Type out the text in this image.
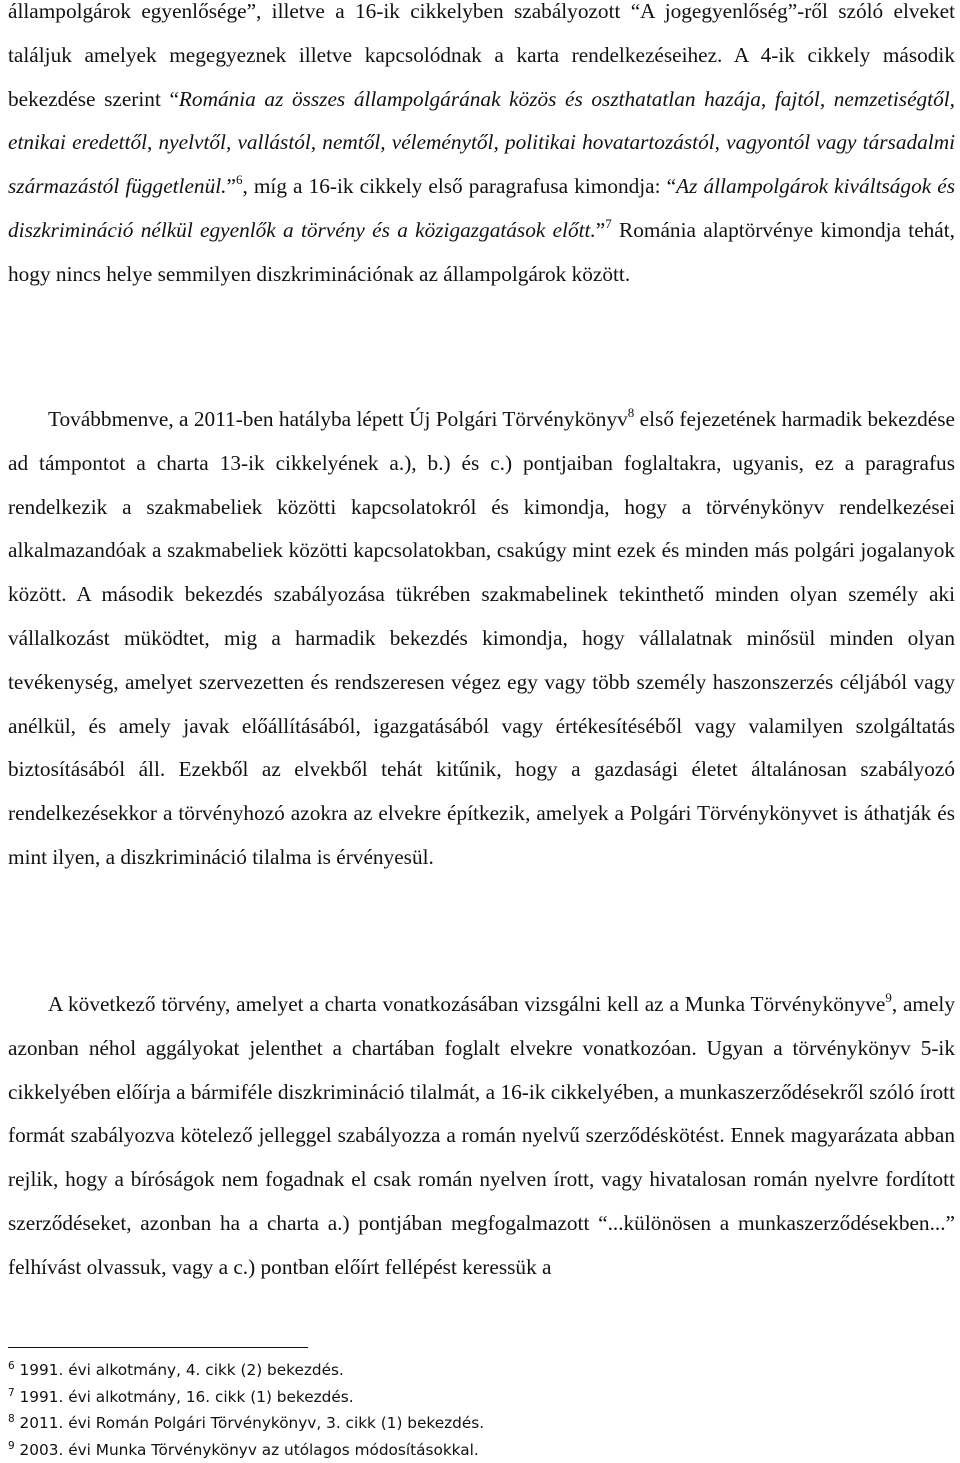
állampolgárok egyenlősége”, illetve a 16-ik cikkelyben szabályozott “A jogegyenlőség”-ről szóló elveket találjuk amelyek megegyeznek illetve kapcsolódnak a karta rendelkezéseihez. A 4-ik cikkely második bekezdése szerint “Románia az összes állampolgárának közös és oszthatatlan hazája, fajtól, nemzetiségtől, etnikai eredettől, nyelvtől, vallástól, nemtől, véleménytől, politikai hovatartozástól, vagyontól vagy társadalmi származástól függetlenül.”$^6$, míg a 16-ik cikkely első paragrafusa kimondja: “Az állampolgárok kiváltságok és diszkrimináció nélkül egyenlők a törvény és a közigazgatások előtt.”$^7$ Románia alaptörvénye kimondja tehát, hogy nincs helye semmilyen diszkriminációnak az állampolgárok között.

Továbbmenve, a 2011-ben hatályba lépett Új Polgári Törvénykönyv$^8$ első fejezetének harmadik bekezdése ad támpontot a charta 13-ik cikkelyének a.), b.) és c.) pontjaiban foglaltakra, ugyanis, ez a paragrafus rendelkezik a szakmabeliek közötti kapcsolatokról és kimondja, hogy a törvénykönyv rendelkezései alkalmazandóak a szakmabeliek közötti kapcsolatokban, csakúgy mint ezek és minden más polgári jogalanyok között. A második bekezdés szabályozása tükrében szakmabelinek tekinthető minden olyan személy aki vállalkozást müködtet, mig a harmadik bekezdés kimondja, hogy vállalatnak minősül minden olyan tevékenység, amelyet szervezetten és rendszeresen végez egy vagy több személy haszonszerzés céljából vagy anélkül, és amely javak előállításából, igazgatásából vagy értékesítéséből vagy valamilyen szolgáltatás biztosításából áll. Ezekből az elvekből tehát kitűnik, hogy a gazdasági életet általánosan szabályozó rendelkezésekkor a törvényhozó azokra az elvekre építkezik, amelyek a Polgári Törvénykönyvet is áthatják és mint ilyen, a diszkrimináció tilalma is érvényesül.

A következő törvény, amelyet a charta vonatkozásában vizsgálni kell az a Munka Törvénykönyve$^9$, amely azonban néhol aggályokat jelenthet a chartában foglalt elvekre vonatkozóan. Ugyan a törvénykönyv 5-ik cikkelyében előírja a bármiféle diszkrimináció tilalmát, a 16-ik cikkelyében, a munkaszerződésekről szóló írott formát szabályozva kötelező jelleggel szabályozza a román nyelvű szerződéskötést. Ennek magyarázata abban rejlik, hogy a bíróságok nem fogadnak el csak román nyelven írott, vagy hivatalosan román nyelvre fordított szerződéseket, azonban ha a charta a.) pontjában megfogalmazott “...különösen a munkaszerződésekben...” felhívást olvassuk, vagy a c.) pontban előírt fellépést keressük a

$^6$ 1991. évi alkotmány, 4. cikk (2) bekezdés.

$^7$ 1991. évi alkotmány, 16. cikk (1) bekezdés.

$^8$ 2011. évi Román Polgári Törvénykönyv, 3. cikk (1) bekezdés.

$^9$ 2003. évi Munka Törvénykönyv az utólagos módosításokkal.
